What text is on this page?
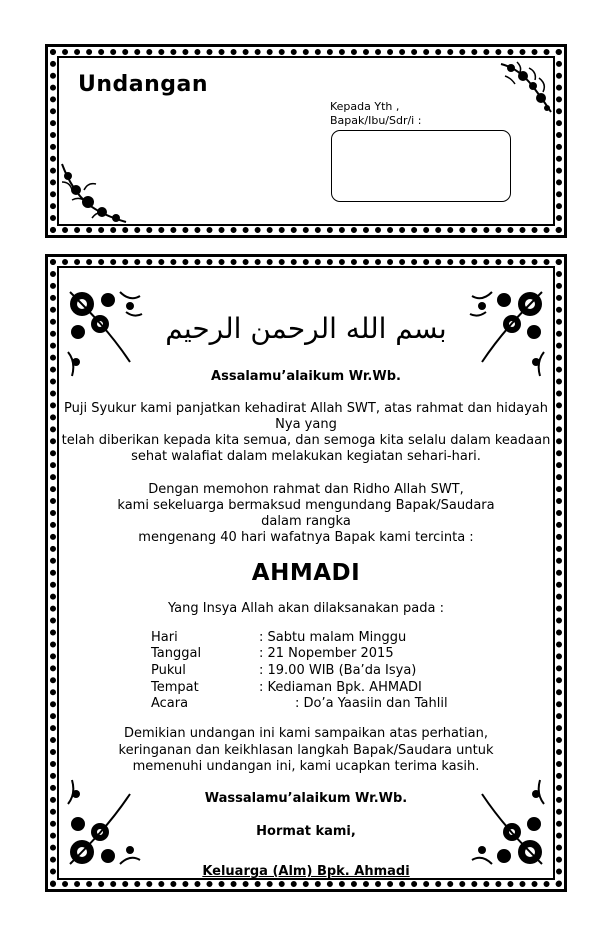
Undangan
Kepada Yth ,
Bapak/Ibu/Sdr/i :
بسم الله الرحمن الرحيم
Assalamu’alaikum Wr.Wb.
Puji Syukur kami panjatkan kehadirat Allah SWT, atas rahmat dan hidayah
Nya yang
telah diberikan kepada kita semua, dan semoga kita selalu dalam keadaan
sehat walafiat dalam melakukan kegiatan sehari-hari.
Dengan memohon rahmat dan Ridho Allah SWT,
kami sekeluarga bermaksud mengundang Bapak/Saudara
dalam rangka
mengenang 40 hari wafatnya Bapak kami tercinta :
AHMADI
Yang Insya Allah akan dilaksanakan pada :
Hari	: Sabtu malam Minggu
Tanggal	: 21 Nopember 2015
Pukul	: 19.00 WIB (Ba’da Isya)
Tempat	: Kediaman Bpk. AHMADI
Acara	: Do’a Yaasiin dan Tahlil
Demikian undangan ini kami sampaikan atas perhatian,
keringanan dan keikhlasan langkah Bapak/Saudara untuk
memenuhi undangan ini, kami ucapkan terima kasih.
Wassalamu’alaikum Wr.Wb.
Hormat kami,
Keluarga (Alm) Bpk. Ahmadi
